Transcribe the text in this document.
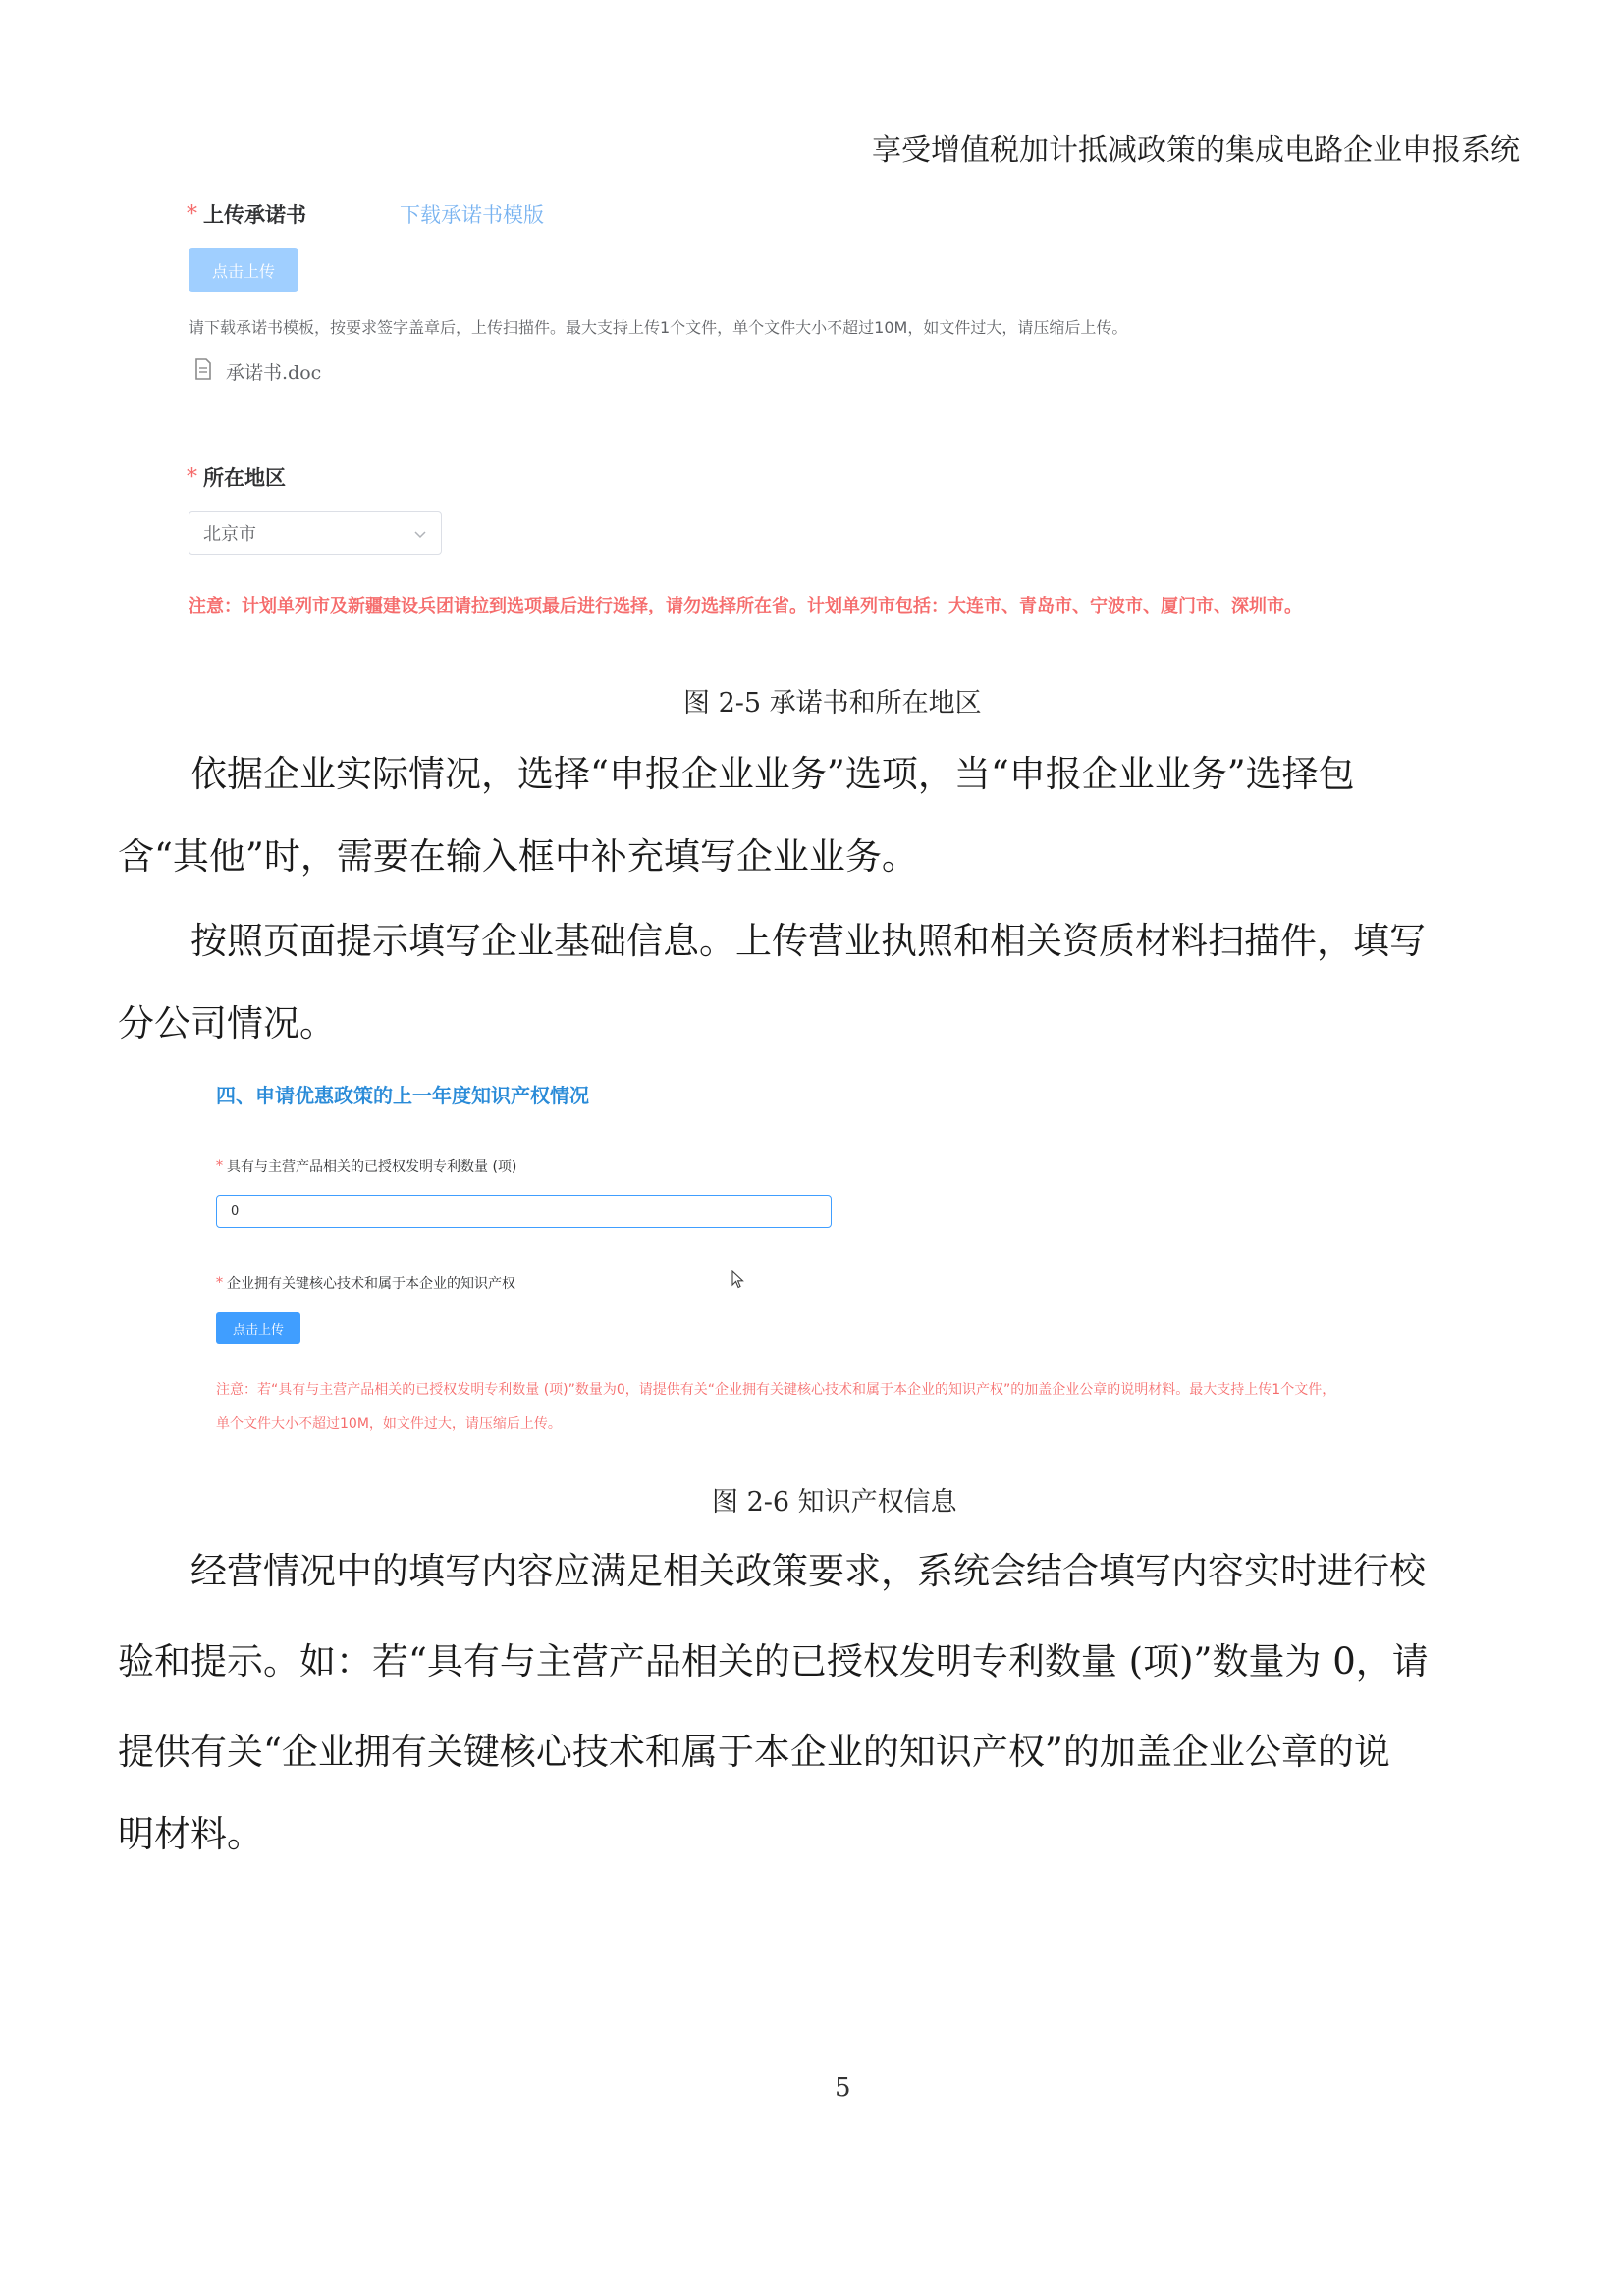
享受增值税加计抵减政策的集成电路企业申报系统
* 上传承诺书	下载承诺书模版
点击上传
请下载承诺书模板，按要求签字盖章后，上传扫描件。最大支持上传1个文件，单个文件大小不超过10M，如文件过大，请压缩后上传。
承诺书.doc
* 所在地区
北京市
注意：计划单列市及新疆建设兵团请拉到选项最后进行选择，请勿选择所在省。计划单列市包括：大连市、青岛市、宁波市、厦门市、深圳市。
图 2-5 承诺书和所在地区
依据企业实际情况，选择“申报企业业务”选项，当“申报企业业务”选择包
含“其他”时，需要在输入框中补充填写企业业务。
按照页面提示填写企业基础信息。上传营业执照和相关资质材料扫描件，填写
分公司情况。
四、申请优惠政策的上一年度知识产权情况
* 具有与主营产品相关的已授权发明专利数量 (项)
0
* 企业拥有关键核心技术和属于本企业的知识产权
点击上传
注意：若“具有与主营产品相关的已授权发明专利数量 (项)”数量为0，请提供有关“企业拥有关键核心技术和属于本企业的知识产权”的加盖企业公章的说明材料。最大支持上传1个文件，
单个文件大小不超过10M，如文件过大，请压缩后上传。
图 2-6 知识产权信息
经营情况中的填写内容应满足相关政策要求，系统会结合填写内容实时进行校
验和提示。如：若“具有与主营产品相关的已授权发明专利数量 (项)”数量为 0，请
提供有关“企业拥有关键核心技术和属于本企业的知识产权”的加盖企业公章的说
明材料。
5
